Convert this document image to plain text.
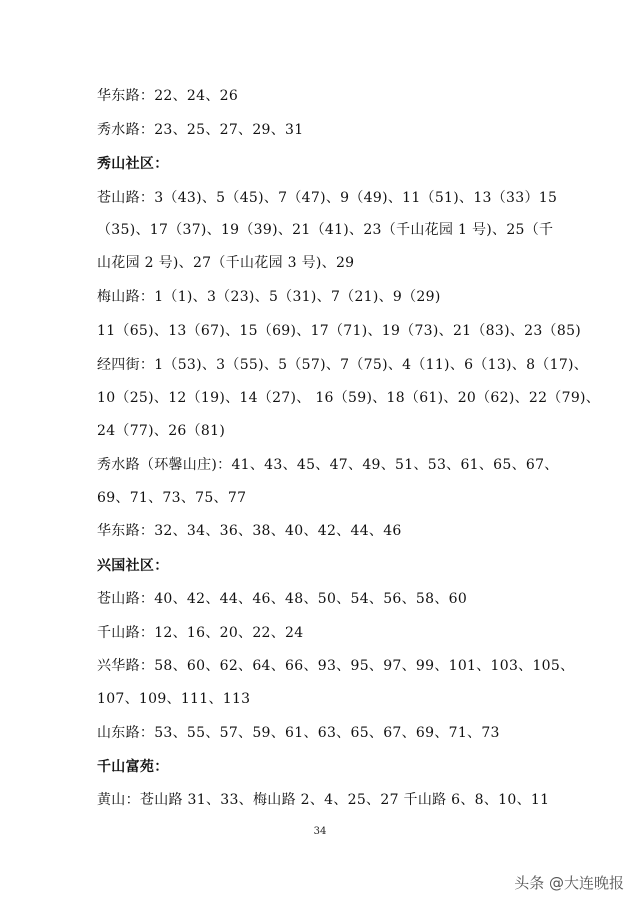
华东路：22、24、26
秀水路：23、25、27、29、31
秀山社区：
苍山路：3（43)、5（45)、7（47)、9（49)、11（51)、13（33）15
（35)、17（37)、19（39)、21（41)、23（千山花园 1 号)、25（千
山花园 2 号)、27（千山花园 3 号)、29
梅山路：1（1)、3（23)、5（31)、7（21)、9（29)
11（65)、13（67)、15（69)、17（71)、19（73)、21（83)、23（85)
经四街：1（53)、3（55)、5（57)、7（75)、4（11)、6（13)、8（17)、
10（25)、12（19)、14（27)、 16（59)、18（61)、20（62)、22（79)、
24（77)、26（81)
秀水路（环馨山庄)：41、43、45、47、49、51、53、61、65、67、
69、71、73、75、77
华东路：32、34、36、38、40、42、44、46
兴国社区：
苍山路：40、42、44、46、48、50、54、56、58、60
千山路：12、16、20、22、24
兴华路：58、60、62、64、66、93、95、97、99、101、103、105、
107、109、111、113
山东路：53、55、57、59、61、63、65、67、69、71、73
千山富苑：
黄山：苍山路 31、33、梅山路 2、4、25、27 千山路 6、8、10、11
34
头条 @大连晚报
